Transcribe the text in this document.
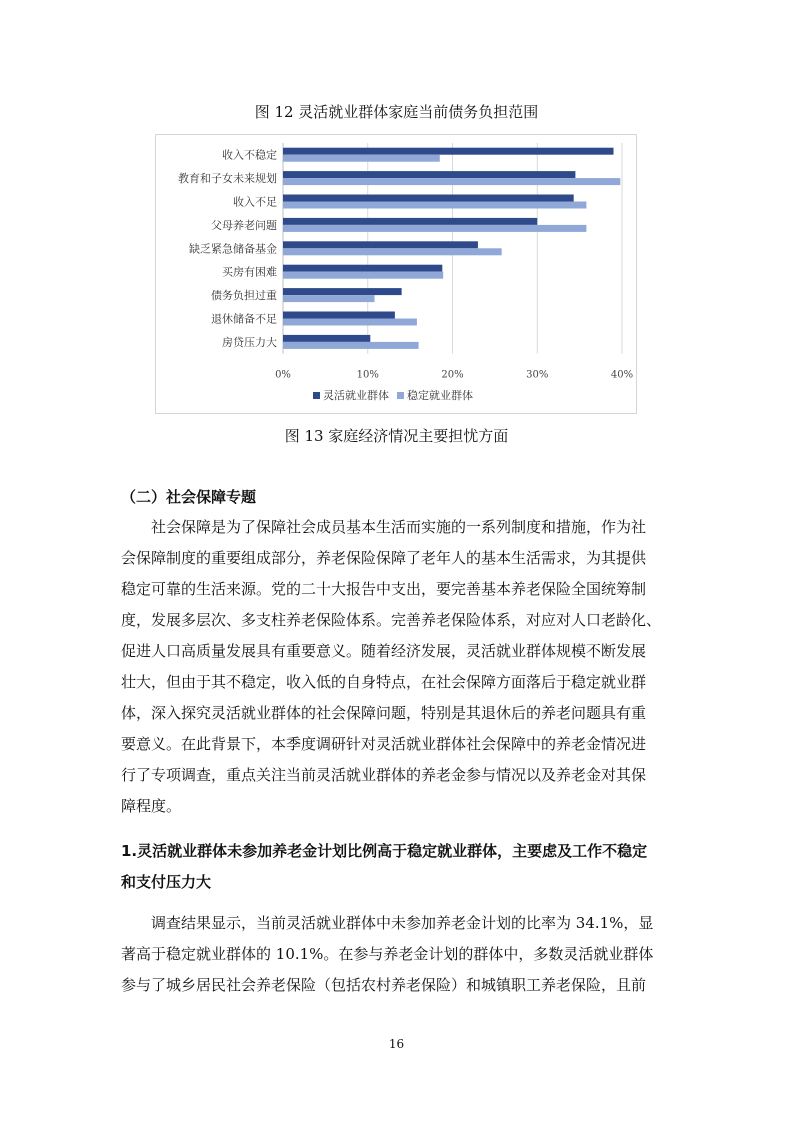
图 12 灵活就业群体家庭当前债务负担范围
0%	10%	20%	30%	40%
收入不稳定
教育和子女未来规划
收入不足
父母养老问题
缺乏紧急储备基金
买房有困难
债务负担过重
退休储备不足
房贷压力大
灵活就业群体 稳定就业群体
图 13 家庭经济情况主要担忧方面
（二）社会保障专题
社会保障是为了保障社会成员基本生活而实施的一系列制度和措施，作为社
会保障制度的重要组成部分，养老保险保障了老年人的基本生活需求，为其提供
稳定可靠的生活来源。党的二十大报告中支出，要完善基本养老保险全国统筹制
度，发展多层次、多支柱养老保险体系。完善养老保险体系，对应对人口老龄化、
促进人口高质量发展具有重要意义。随着经济发展，灵活就业群体规模不断发展
壮大，但由于其不稳定，收入低的自身特点，在社会保障方面落后于稳定就业群
体，深入探究灵活就业群体的社会保障问题，特别是其退休后的养老问题具有重
要意义。在此背景下，本季度调研针对灵活就业群体社会保障中的养老金情况进
行了专项调查，重点关注当前灵活就业群体的养老金参与情况以及养老金对其保
障程度。
1.灵活就业群体未参加养老金计划比例高于稳定就业群体，主要虑及工作不稳定
和支付压力大
调查结果显示，当前灵活就业群体中未参加养老金计划的比率为 34.1%，显
著高于稳定就业群体的 10.1%。在参与养老金计划的群体中，多数灵活就业群体
参与了城乡居民社会养老保险（包括农村养老保险）和城镇职工养老保险，且前
16
